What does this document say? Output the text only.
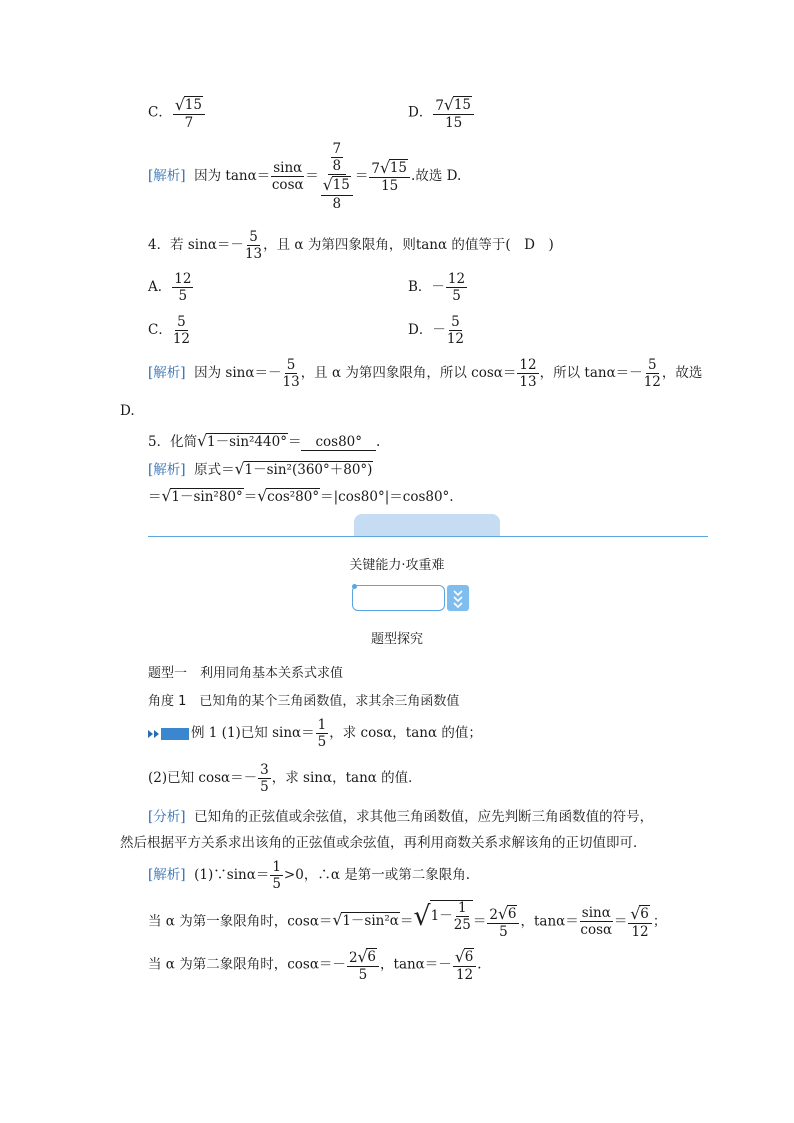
C． $\frac{√ 15}{7}$	D． $\frac{7 √ 15}{15}$
[解析] 因为 $\tan\alpha= \frac{\sin\alpha}{\cos\alpha} = \frac{\frac{7}{8}}{\frac{√ 15}{8}} = \frac{7 √ 15}{15}$ .故选 D.
4．若 $\sin\alpha=- \frac{5}{13}$ ，且 α 为第四象限角，则tanα 的值等于(　D　)
A． $\frac{12}{5}$	B．－ $\frac{12}{5}$
C． $\frac{5}{12}$	D．－ $\frac{5}{12}$
[解析] 因为 $\sin\alpha=- \frac{5}{13}$ ，且 α 为第四象限角，所以 $\cos\alpha= \frac{12}{13}$ ，所以 $\tan\alpha=- \frac{5}{12}$ ，故选
D.
5．化简 √ 1－sin²440° ＝ cos80° .
[解析] 原式＝ √ 1－sin²(360°＋80°)
＝ √ 1－sin²80° ＝ √ cos²80° ＝|cos80°|＝cos80°.
关键能力·攻重难
题型探究
题型一　利用同角基本关系式求值
角度 1　已知角的某个三角函数值，求其余三角函数值
例 1 (1)已知 $\sin\alpha= \frac{1}{5}$ ，求 cosα，tanα 的值；
(2)已知 $\cos\alpha=- \frac{3}{5}$ ，求 sinα，tanα 的值．
[分析] 已知角的正弦值或余弦值，求其他三角函数值，应先判断三角函数值的符号，
然后根据平方关系求出该角的正弦值或余弦值，再利用商数关系求解该角的正切值即可．
[解析] (1)∵sinα＝ $\frac{1}{5} >0$，∴α 是第一或第二象限角.
当 α 为第一象限角时，cosα＝ √ 1－sin²α ＝ √ $1- \frac{1}{25} = \frac{2 √ 6}{5}$ ，$\tan\alpha= \frac{\sin\alpha}{\cos\alpha} = \frac{√ 6}{12}$ ；
当 α 为第二象限角时，$\cos\alpha=- \frac{2 √ 6}{5}$ ，$\tan\alpha=- \frac{√ 6}{12}$ .
